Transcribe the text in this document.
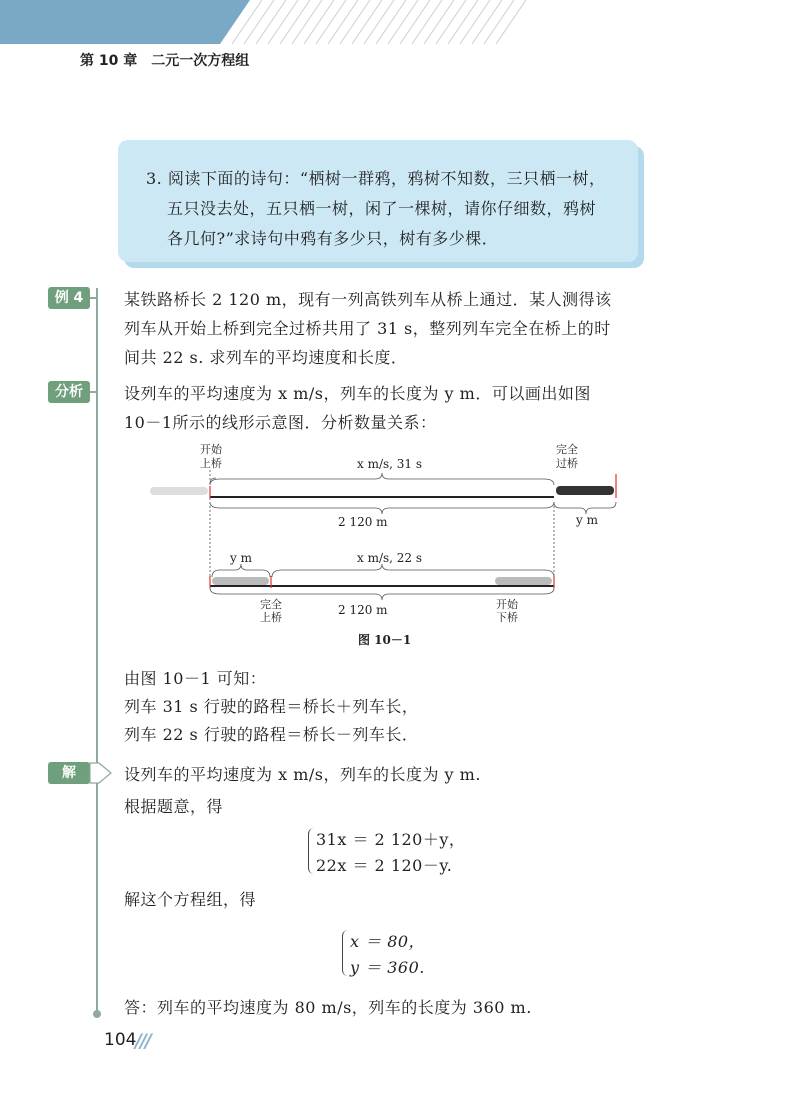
第 10 章 二元一次方程组
3. 阅读下面的诗句：“栖树一群鸦，鸦树不知数，三只栖一树，
五只没去处，五只栖一树，闲了一棵树，请你仔细数，鸦树
各几何?”求诗句中鸦有多少只，树有多少棵．
例 4	某铁路桥长 2 120 m，现有一列高铁列车从桥上通过．某人测得该
列车从开始上桥到完全过桥共用了 31 s，整列列车完全在桥上的时
间共 22 s. 求列车的平均速度和长度．
分析	设列车的平均速度为 x m/s，列车的长度为 y m．可以画出如图
10－1所示的线形示意图．分析数量关系：
开始
上桥
完全
过桥
x m/s, 31 s
2 120 m	y m
y m	x m/s, 22 s
完全
上桥
2 120 m	开始
下桥
图 10－1
由图 10－1 可知：
列车 31 s 行驶的路程＝桥长＋列车长，
列车 22 s 行驶的路程＝桥长－列车长．
解	设列车的平均速度为 x m/s，列车的长度为 y m.
根据题意，得
31x ＝ 2 120＋y，
22x ＝ 2 120－y.
解这个方程组，得
x ＝ 80，
y ＝ 360.
答：列车的平均速度为 80 m/s，列车的长度为 360 m.
104
///
